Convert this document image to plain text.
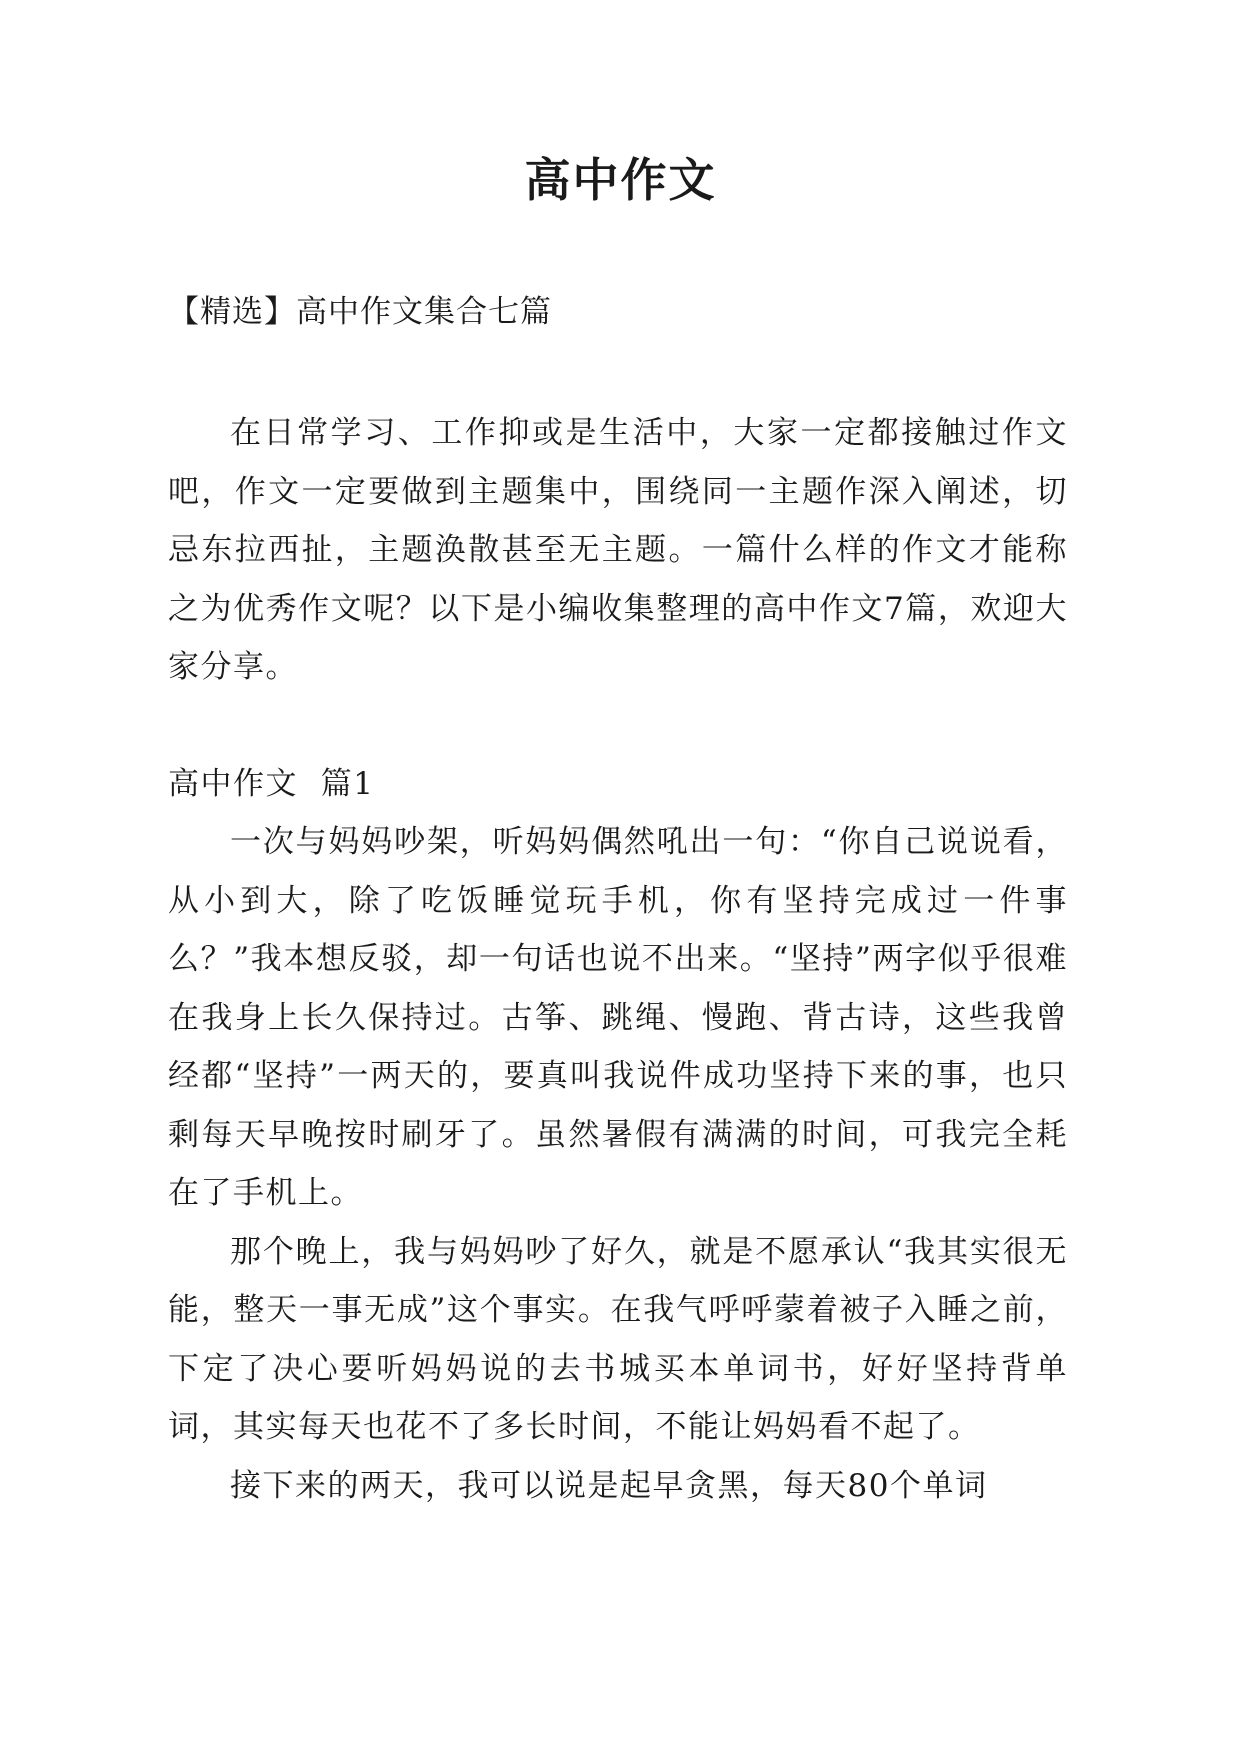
高中作文

【精选】高中作文集合七篇

在日常学习、工作抑或是生活中，大家一定都接触过作文吧，作文一定要做到主题集中，围绕同一主题作深入阐述，切忌东拉西扯，主题涣散甚至无主题。一篇什么样的作文才能称之为优秀作文呢？以下是小编收集整理的高中作文7篇，欢迎大家分享。

高中作文  篇1

一次与妈妈吵架，听妈妈偶然吼出一句：“你自己说说看，从小到大，除了吃饭睡觉玩手机，你有坚持完成过一件事么？”我本想反驳，却一句话也说不出来。“坚持”两字似乎很难在我身上长久保持过。古筝、跳绳、慢跑、背古诗，这些我曾经都“坚持”一两天的，要真叫我说件成功坚持下来的事，也只剩每天早晚按时刷牙了。虽然暑假有满满的时间，可我完全耗在了手机上。

那个晚上，我与妈妈吵了好久，就是不愿承认“我其实很无能，整天一事无成”这个事实。在我气呼呼蒙着被子入睡之前，下定了决心要听妈妈说的去书城买本单词书，好好坚持背单词，其实每天也花不了多长时间，不能让妈妈看不起了。

接下来的两天，我可以说是起早贪黑，每天80个单词
